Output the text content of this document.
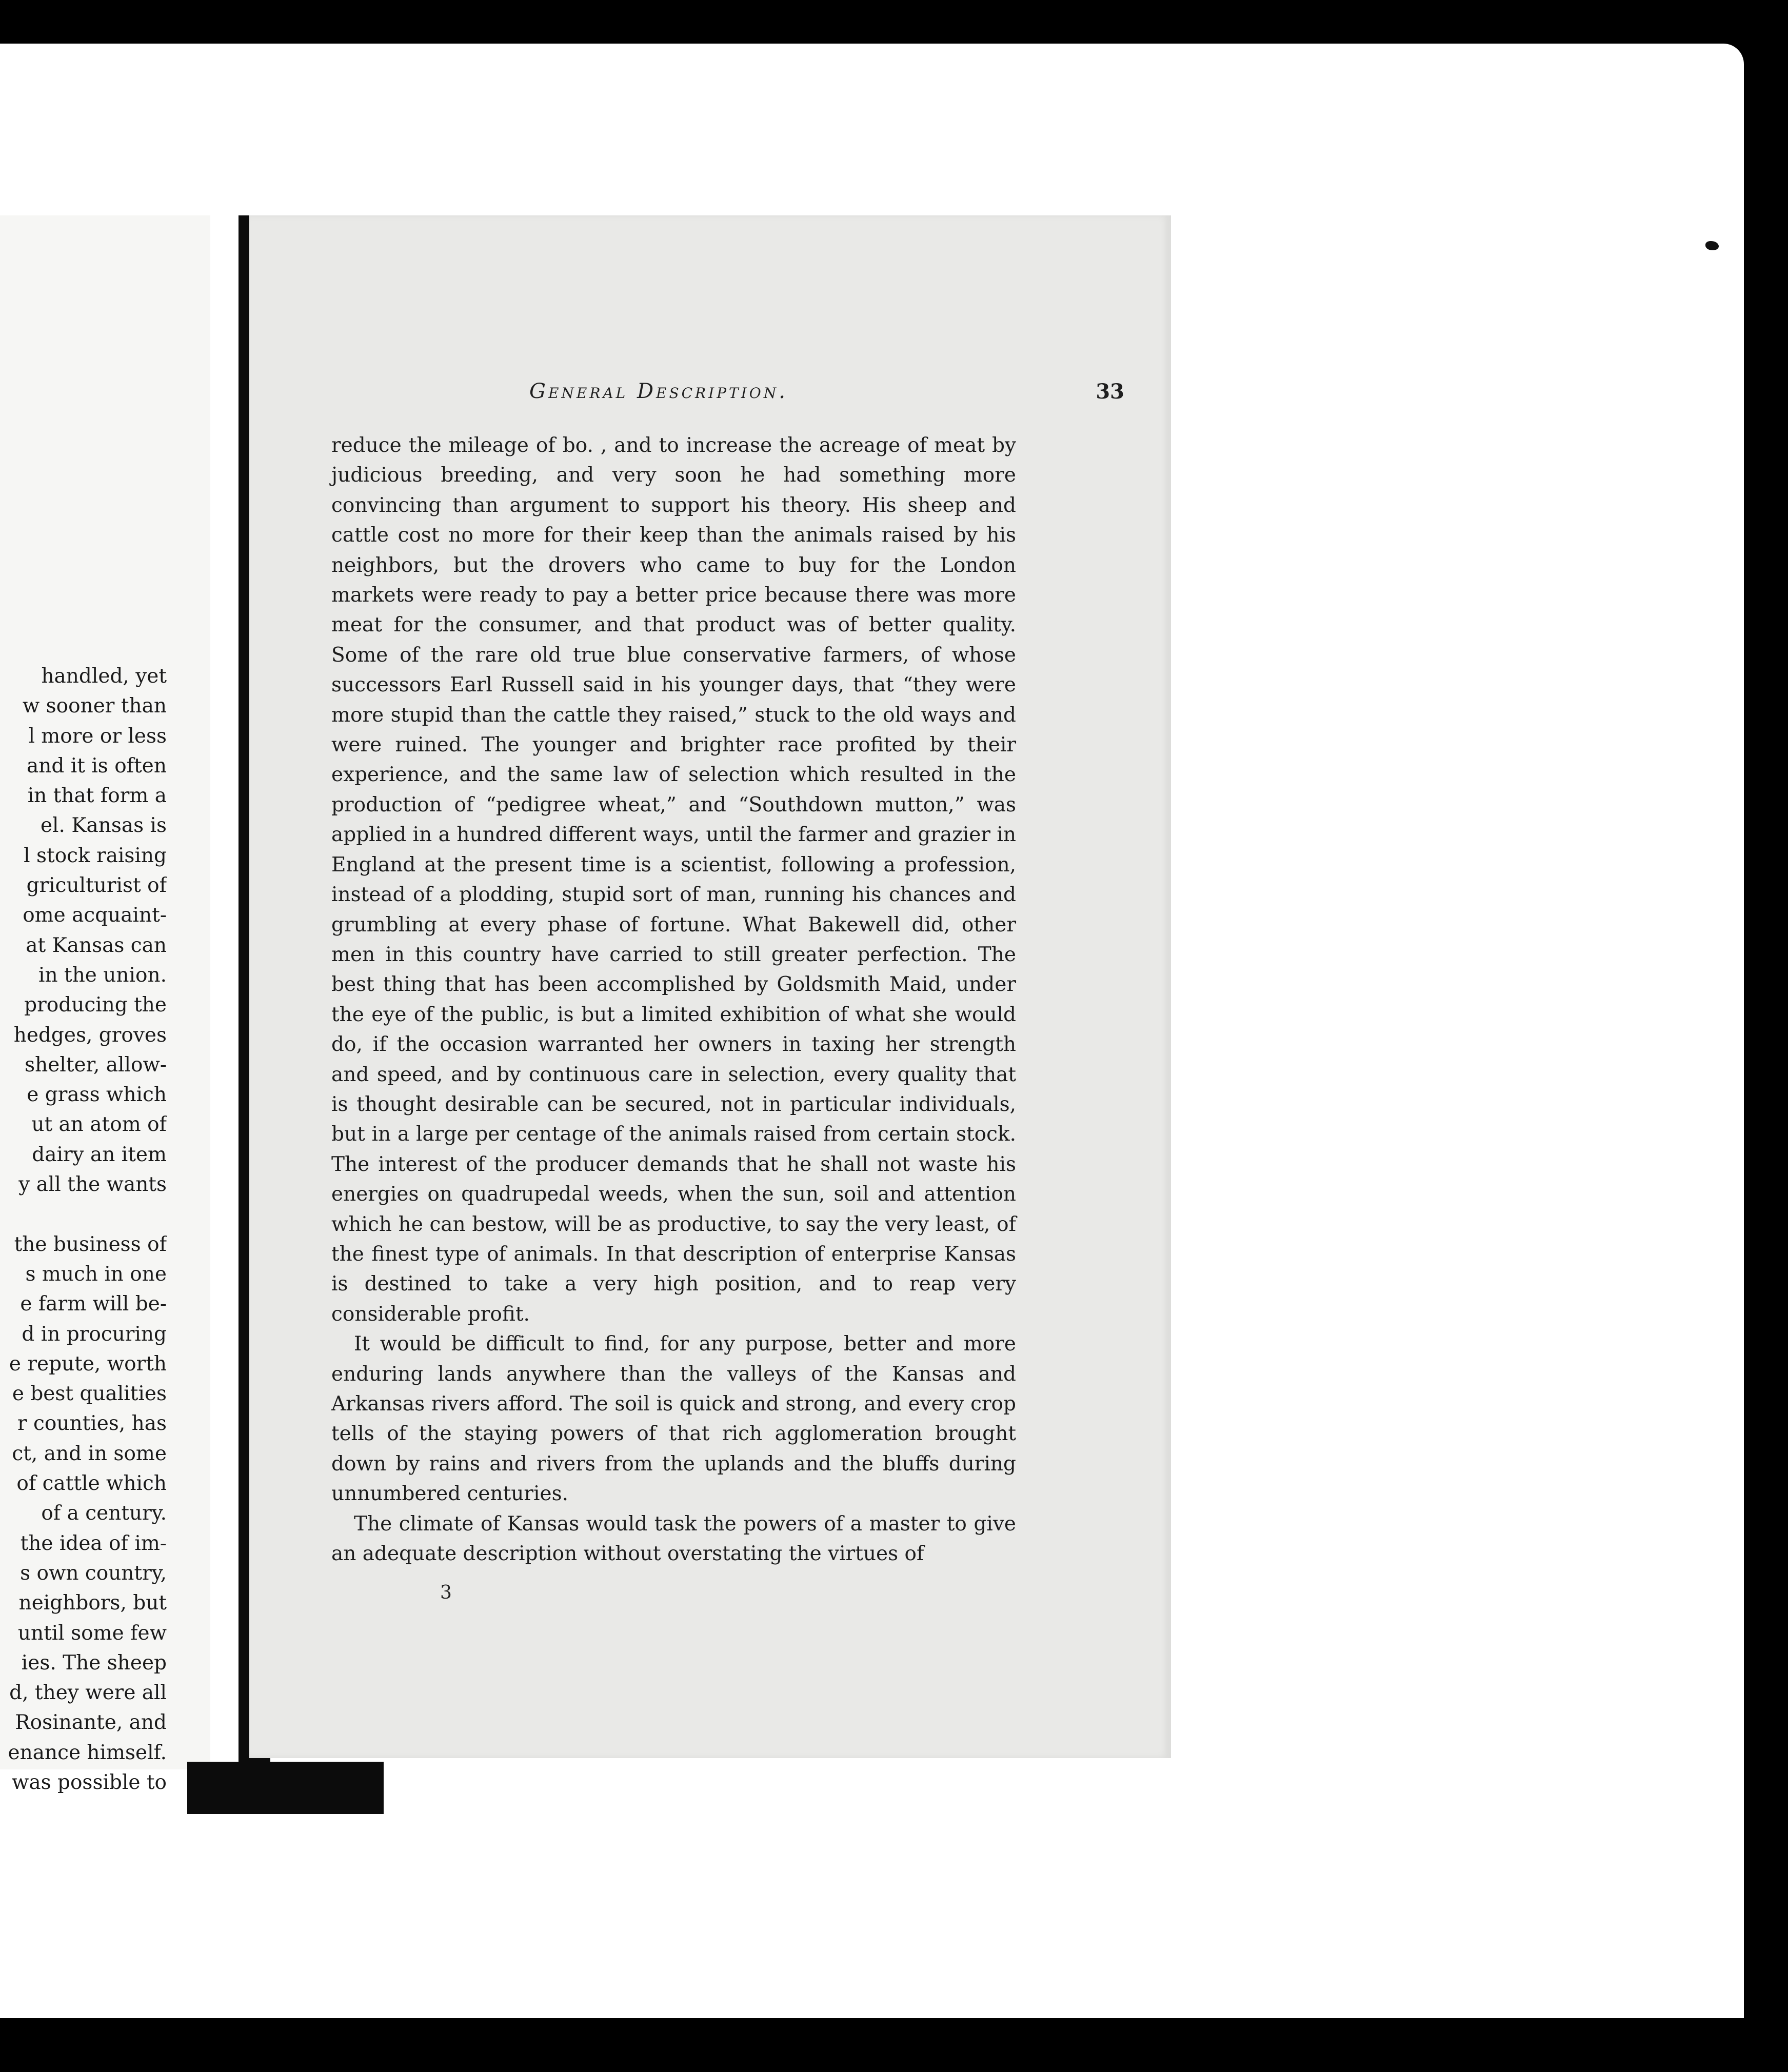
handled, yet
w sooner than
l more or less
and it is often
in that form a
el. Kansas is
l stock raising
griculturist of
ome acquaint-
at Kansas can
in the union.
producing the
hedges, groves
shelter, allow-
e grass which
ut an atom of
dairy an item
y all the wants

the business of
s much in one
e farm will be-
d in procuring
e repute, worth
e best qualities
r counties, has
ct, and in some
of cattle which
of a century.
the idea of im-
s own country,
neighbors, but
until some few
ies. The sheep
d, they were all
Rosinante, and
enance himself.
was possible to
General Description.	33

reduce the mileage of bo. , and to increase the acreage of meat by judicious breeding, and very soon he had something more convincing than argument to support his theory. His sheep and cattle cost no more for their keep than the animals raised by his neighbors, but the drovers who came to buy for the London markets were ready to pay a better price because there was more meat for the consumer, and that product was of better quality. Some of the rare old true blue conservative farmers, of whose successors Earl Russell said in his younger days, that “they were more stupid than the cattle they raised,” stuck to the old ways and were ruined. The younger and brighter race profited by their experience, and the same law of selection which resulted in the production of “pedigree wheat,” and “Southdown mutton,” was applied in a hundred different ways, until the farmer and grazier in England at the present time is a scientist, following a profession, instead of a plodding, stupid sort of man, running his chances and grumbling at every phase of fortune. What Bakewell did, other men in this country have carried to still greater perfection. The best thing that has been accomplished by Goldsmith Maid, under the eye of the public, is but a limited exhibition of what she would do, if the occasion warranted her owners in taxing her strength and speed, and by continuous care in selection, every quality that is thought desirable can be secured, not in particular individuals, but in a large per centage of the animals raised from certain stock. The interest of the producer demands that he shall not waste his energies on quadrupedal weeds, when the sun, soil and attention which he can bestow, will be as productive, to say the very least, of the finest type of animals. In that description of enterprise Kansas is destined to take a very high position, and to reap very considerable profit.

It would be difficult to find, for any purpose, better and more enduring lands anywhere than the valleys of the Kansas and Arkansas rivers afford. The soil is quick and strong, and every crop tells of the staying powers of that rich agglomeration brought down by rains and rivers from the uplands and the bluffs during unnumbered centuries.

The climate of Kansas would task the powers of a master to give an adequate description without overstating the virtues of

3
